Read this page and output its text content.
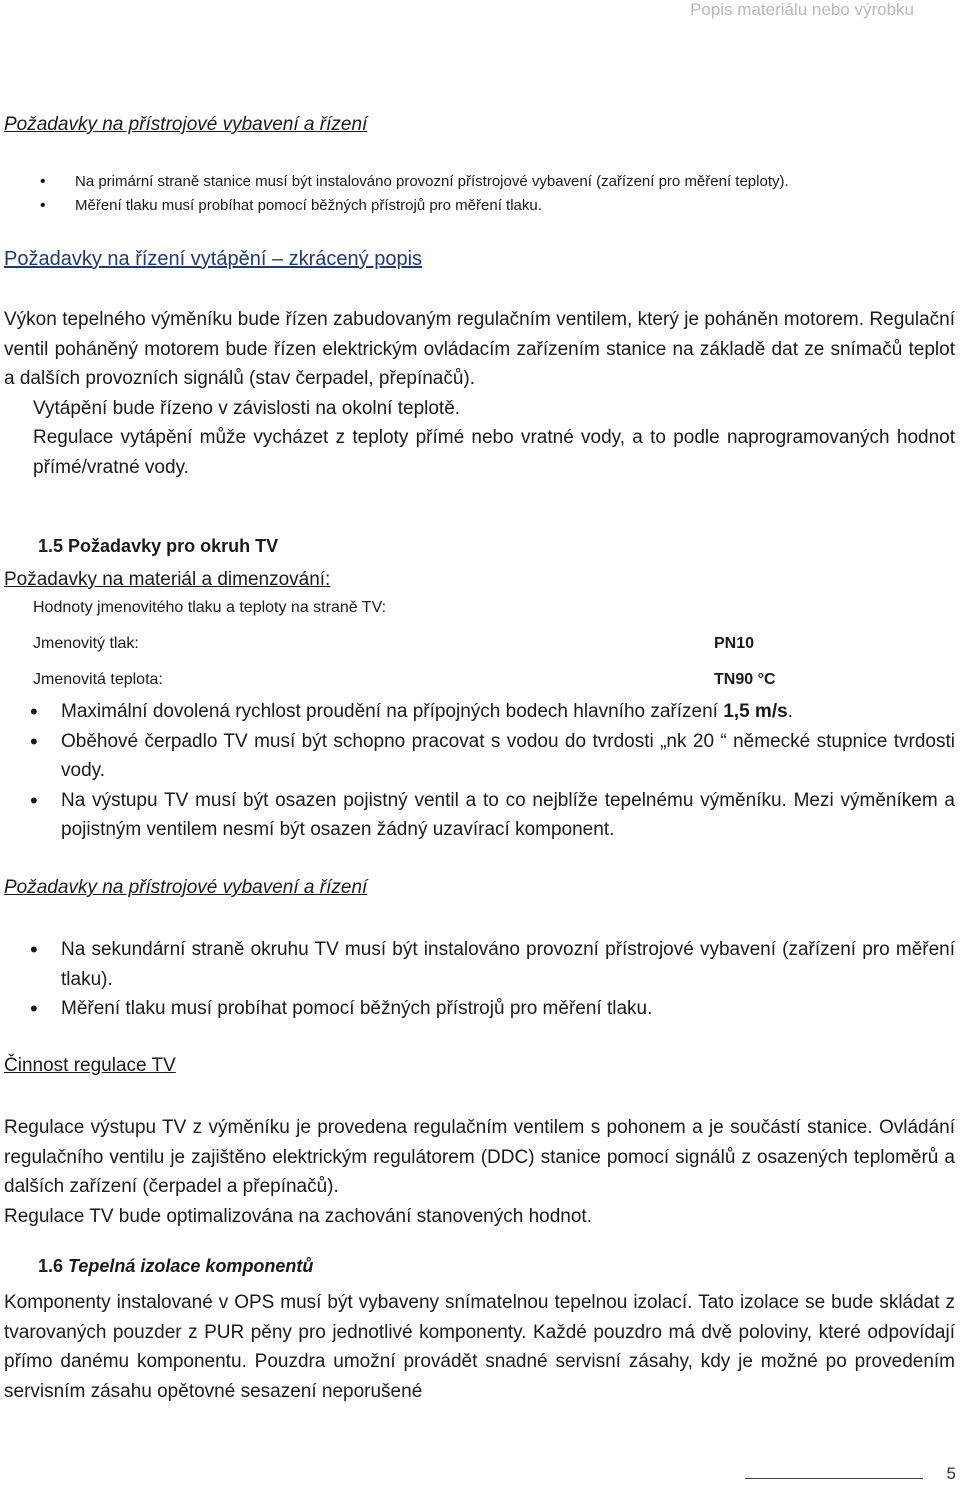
Popis materiálu nebo výrobku
Požadavky na přístrojové vybavení a řízení
• Na primární straně stanice musí být instalováno provozní přístrojové vybavení (zařízení pro měření teploty).
• Měření tlaku musí probíhat pomocí běžných přístrojů pro měření tlaku.
Požadavky na řízení vytápění – zkrácený popis

Výkon tepelného výměníku bude řízen zabudovaným regulačním ventilem, který je poháněn motorem. Regulační ventil poháněný motorem bude řízen elektrickým ovládacím zařízením stanice na základě dat ze snímačů teplot a dalších provozních signálů (stav čerpadel, přepínačů).

Vytápění bude řízeno v závislosti na okolní teplotě.

Regulace vytápění může vycházet z teploty přímé nebo vratné vody, a to podle naprogramovaných hodnot přímé/vratné vody.

1.5 Požadavky pro okruh TV
Požadavky na materiál a dimenzování:
Hodnoty jmenovitého tlaku a teploty na straně TV:
Jmenovitý tlak:	PN10
Jmenovitá teplota:	TN90 °C
• Maximální dovolená rychlost proudění na přípojných bodech hlavního zařízení 1,5 m/s.
• Oběhové čerpadlo TV musí být schopno pracovat s vodou do tvrdosti „nk 20 “ německé stupnice tvrdosti vody.
• Na výstupu TV musí být osazen pojistný ventil a to co nejblíže tepelnému výměníku. Mezi výměníkem a pojistným ventilem nesmí být osazen žádný uzavírací komponent.
Požadavky na přístrojové vybavení a řízení
• Na sekundární straně okruhu TV musí být instalováno provozní přístrojové vybavení (zařízení pro měření tlaku).
• Měření tlaku musí probíhat pomocí běžných přístrojů pro měření tlaku.
Činnost regulace TV

Regulace výstupu TV z výměníku je provedena regulačním ventilem s pohonem a je součástí stanice. Ovládání regulačního ventilu je zajištěno elektrickým regulátorem (DDC) stanice pomocí signálů z osazených teploměrů a dalších zařízení (čerpadel a přepínačů).

Regulace TV bude optimalizována na zachování stanovených hodnot.

1.6 Tepelná izolace komponentů

Komponenty instalované v OPS musí být vybaveny snímatelnou tepelnou izolací. Tato izolace se bude skládat z tvarovaných pouzder z PUR pěny pro jednotlivé komponenty. Každé pouzdro má dvě poloviny, které odpovídají přímo danému komponentu. Pouzdra umožní provádět snadné servisní zásahy, kdy je možné po provedením servisním zásahu opětovné sesazení neporušené

5
